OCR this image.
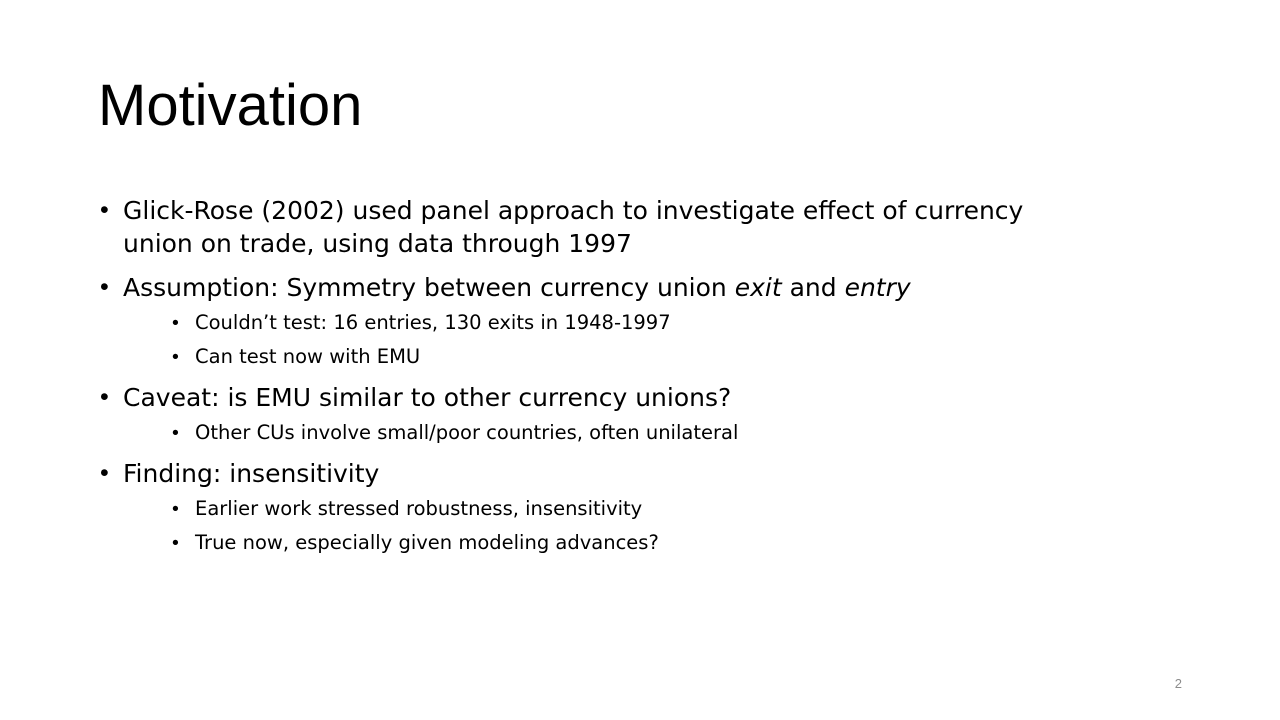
Motivation
• Glick-Rose (2002) used panel approach to investigate effect of currency union on trade, using data through 1997
• Assumption: Symmetry between currency union exit and entry
• Couldn’t test: 16 entries, 130 exits in 1948-1997
• Can test now with EMU
• Caveat: is EMU similar to other currency unions?
• Other CUs involve small/poor countries, often unilateral
• Finding: insensitivity
• Earlier work stressed robustness, insensitivity
• True now, especially given modeling advances?
2
